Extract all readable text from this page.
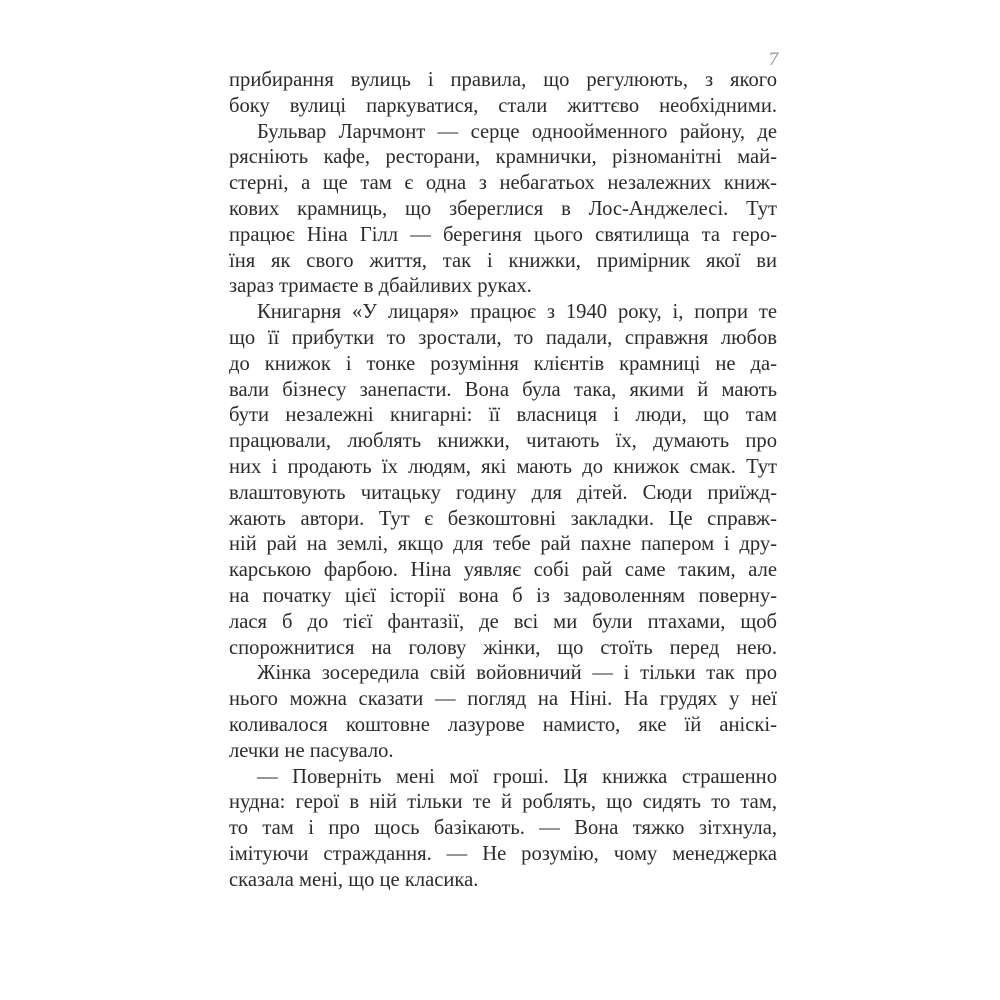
7
прибирання вулиць і правила, що регулюють, з якого
боку вулиці паркуватися, стали життєво необхідними.
Бульвар Ларчмонт — серце одноойменного району, де
рясніють кафе, ресторани, крамнички, різноманітні май-
стерні, а ще там є одна з небагатьох незалежних книж-
кових крамниць, що збереглися в Лос-Анджелесі. Тут
працює Ніна Гілл — берегиня цього святилища та геро-
їня як свого життя, так і книжки, примірник якої ви
зараз тримаєте в дбайливих руках.
Книгарня «У лицаря» працює з 1940 року, і, попри те
що її прибутки то зростали, то падали, справжня любов
до книжок і тонке розуміння клієнтів крамниці не да-
вали бізнесу занепасти. Вона була така, якими й мають
бути незалежні книгарні: її власниця і люди, що там
працювали, люблять книжки, читають їх, думають про
них і продають їх людям, які мають до книжок смак. Тут
влаштовують читацьку годину для дітей. Сюди приїжд-
жають автори. Тут є безкоштовні закладки. Це справж-
ній рай на землі, якщо для тебе рай пахне папером і дру-
карською фарбою. Ніна уявляє собі рай саме таким, але
на початку цієї історії вона б із задоволенням поверну-
лася б до тієї фантазії, де всі ми були птахами, щоб
спорожнитися на голову жінки, що стоїть перед нею.
Жінка зосередила свій войовничий — і тільки так про
нього можна сказати — погляд на Ніні. На грудях у неї
коливалося коштовне лазурове намисто, яке їй аніскі-
лечки не пасувало.
— Поверніть мені мої гроші. Ця книжка страшенно
нудна: герої в ній тільки те й роблять, що сидять то там,
то там і про щось базікають. — Вона тяжко зітхнула,
імітуючи страждання. — Не розумію, чому менеджерка
сказала мені, що це класика.
